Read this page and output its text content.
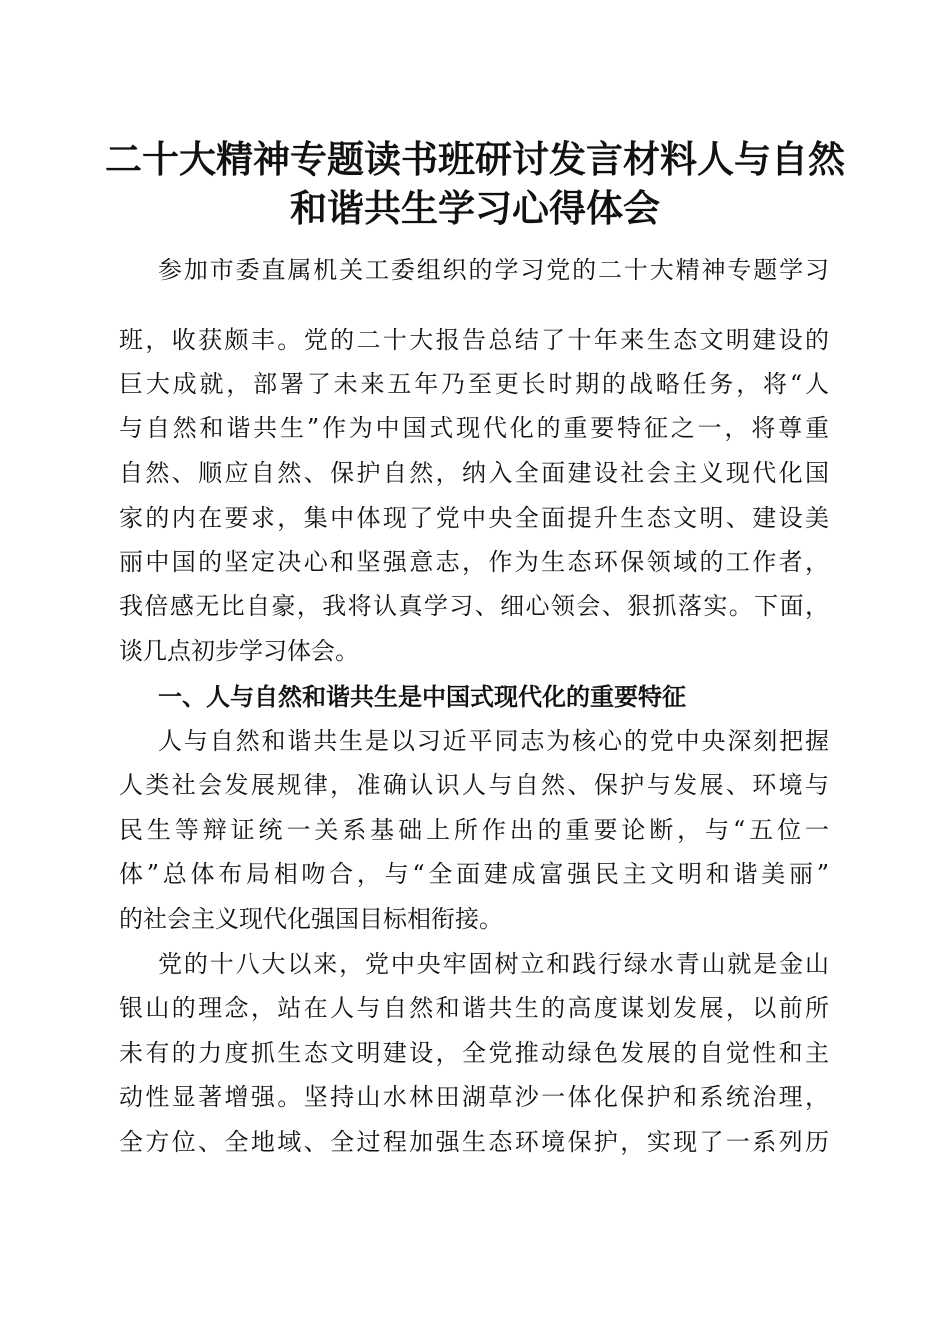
二十大精神专题读书班研讨发言材料人与自然
和谐共生学习心得体会
参加市委直属机关工委组织的学习党的二十大精神专题学习
班，收获颇丰。党的二十大报告总结了十年来生态文明建设的
巨大成就，部署了未来五年乃至更长时期的战略任务，将“人
与自然和谐共生”作为中国式现代化的重要特征之一，将尊重
自然、顺应自然、保护自然，纳入全面建设社会主义现代化国
家的内在要求，集中体现了党中央全面提升生态文明、建设美
丽中国的坚定决心和坚强意志，作为生态环保领域的工作者，
我倍感无比自豪，我将认真学习、细心领会、狠抓落实。下面，
谈几点初步学习体会。
一、人与自然和谐共生是中国式现代化的重要特征
人与自然和谐共生是以习近平同志为核心的党中央深刻把握
人类社会发展规律，准确认识人与自然、保护与发展、环境与
民生等辩证统一关系基础上所作出的重要论断，与“五位一
体”总体布局相吻合，与“全面建成富强民主文明和谐美丽”
的社会主义现代化强国目标相衔接。
党的十八大以来，党中央牢固树立和践行绿水青山就是金山
银山的理念，站在人与自然和谐共生的高度谋划发展，以前所
未有的力度抓生态文明建设，全党推动绿色发展的自觉性和主
动性显著增强。坚持山水林田湖草沙一体化保护和系统治理，
全方位、全地域、全过程加强生态环境保护，实现了一系列历
